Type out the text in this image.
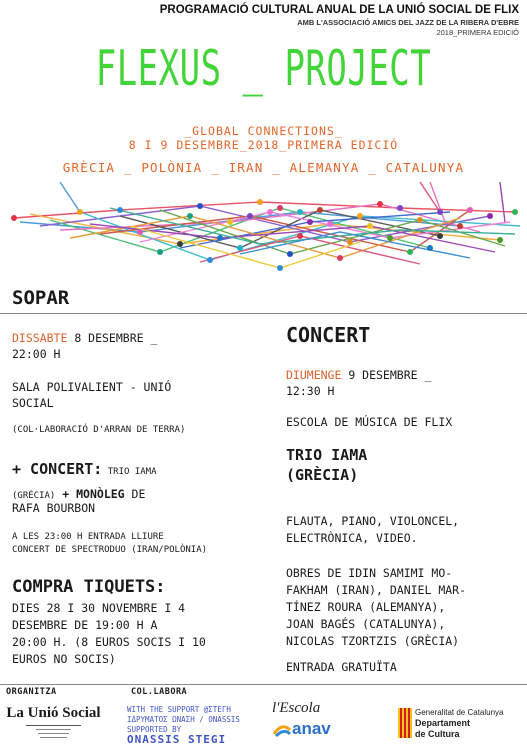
PROGRAMACIÓ CULTURAL ANUAL DE LA UNIÓ SOCIAL DE FLIX
AMB L'ASSOCIACIÓ AMICS DEL JAZZ DE LA RIBERA D'EBRE
2018_PRIMERA EDICIÓ
FLEXUS _ PROJECT
_GLOBAL CONNECTIONS_
8 I 9 DESEMBRE_2018_PRIMERA EDICIÓ
GRÈCIA _ POLÒNIA _ IRAN _ ALEMANYA _ CATALUNYA
SOPAR
DISSABTE 8 DESEMBRE _
22:00 H
SALA POLIVALIENT - UNIÓ
SOCIAL
(COL·LABORACIÓ D'ARRAN DE TERRA)
+ CONCERT: TRIO IAMA
(GRÈCIA) + MONÒLEG DE
RAFA BOURBON
A LES 23:00 H ENTRADA LLIURE
CONCERT DE SPECTRODUO (IRAN/POLÒNIA)
COMPRA TIQUETS:
DIES 28 I 30 NOVEMBRE I 4
DESEMBRE DE 19:00 H A
20:00 H. (8 EUROS SOCIS I 10
EUROS NO SOCIS)
CONCERT
DIUMENGE 9 DESEMBRE _
12:30 H
ESCOLA DE MÚSICA DE FLIX
TRIO IAMA
(GRÈCIA)
FLAUTA, PIANO, VIOLONCEL,
ELECTRÒNICA, VIDEO.
OBRES DE IDIN SAMIMI MO-
FAKHAM (IRAN), DANIEL MAR-
TÍNEZ ROURA (ALEMANYA),
JOAN BAGÉS (CATALUNYA),
NICOLAS TZORTZIS (GRÈCIA)
ENTRADA GRATUÏTA
ORGANITZA	COL.LABORA
La Unió Social	WITH THE SUPPORT @ΣΤΕΓΗ
ΙΔΡΥΜΑΤΟΣ ΩΝΑΣΗ / ONASSIS
SUPPORTED BY
ONASSIS STEGI
l'Escola
anav
Generalitat de Catalunya
Departament
de Cultura
